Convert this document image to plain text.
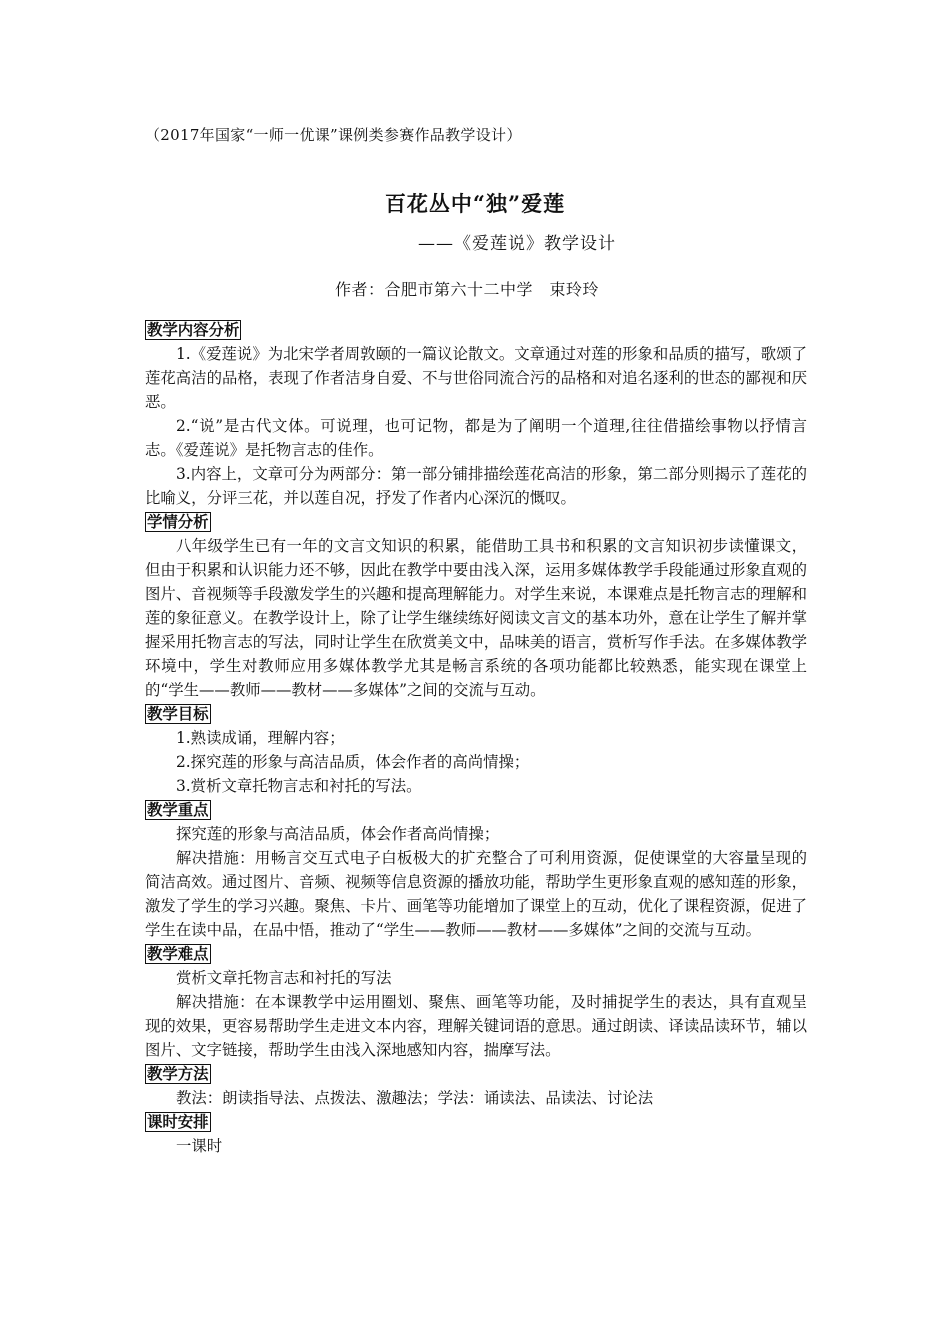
（2017年国家“一师一优课”课例类参赛作品教学设计）
百花丛中“独”爱莲
——《爱莲说》教学设计
作者：合肥市第六十二中学　束玲玲
教学内容分析

1.《爱莲说》为北宋学者周敦颐的一篇议论散文。文章通过对莲的形象和品质的描写，歌颂了莲花高洁的品格，表现了作者洁身自爱、不与世俗同流合污的品格和对追名逐利的世态的鄙视和厌恶。

2.“说”是古代文体。可说理，也可记物，都是为了阐明一个道理,往往借描绘事物以抒情言志。《爱莲说》是托物言志的佳作。

3.内容上，文章可分为两部分：第一部分铺排描绘莲花高洁的形象，第二部分则揭示了莲花的比喻义，分评三花，并以莲自况，抒发了作者内心深沉的慨叹。

学情分析

八年级学生已有一年的文言文知识的积累，能借助工具书和积累的文言知识初步读懂课文，但由于积累和认识能力还不够，因此在教学中要由浅入深，运用多媒体教学手段能通过形象直观的图片、音视频等手段激发学生的兴趣和提高理解能力。对学生来说，本课难点是托物言志的理解和莲的象征意义。在教学设计上，除了让学生继续练好阅读文言文的基本功外，意在让学生了解并掌握采用托物言志的写法，同时让学生在欣赏美文中，品味美的语言，赏析写作手法。在多媒体教学环境中，学生对教师应用多媒体教学尤其是畅言系统的各项功能都比较熟悉，能实现在课堂上的“学生——教师——教材——多媒体”之间的交流与互动。

教学目标

1.熟读成诵，理解内容；

2.探究莲的形象与高洁品质，体会作者的高尚情操；

3.赏析文章托物言志和衬托的写法。

教学重点

探究莲的形象与高洁品质，体会作者高尚情操；

解决措施：用畅言交互式电子白板极大的扩充整合了可利用资源，促使课堂的大容量呈现的简洁高效。通过图片、音频、视频等信息资源的播放功能，帮助学生更形象直观的感知莲的形象，激发了学生的学习兴趣。聚焦、卡片、画笔等功能增加了课堂上的互动，优化了课程资源，促进了学生在读中品，在品中悟，推动了“学生——教师——教材——多媒体”之间的交流与互动。

教学难点

赏析文章托物言志和衬托的写法

解决措施：在本课教学中运用圈划、聚焦、画笔等功能，及时捕捉学生的表达，具有直观呈现的效果，更容易帮助学生走进文本内容，理解关键词语的意思。通过朗读、译读品读环节，辅以图片、文字链接，帮助学生由浅入深地感知内容，揣摩写法。

教学方法

教法：朗读指导法、点拨法、激趣法；学法：诵读法、品读法、讨论法

课时安排

一课时
